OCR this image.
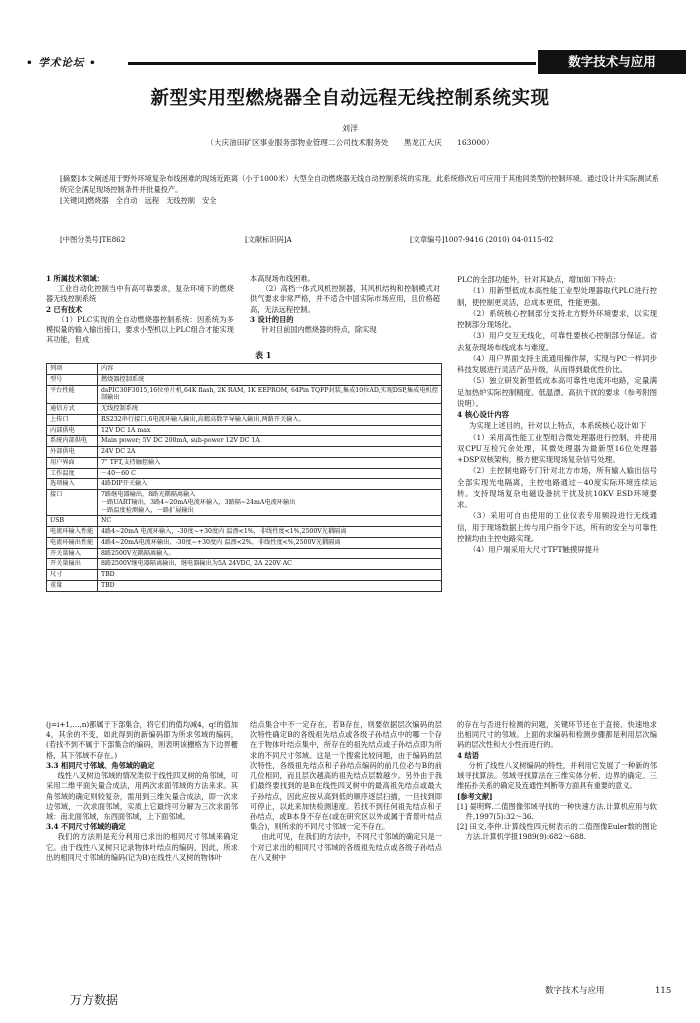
• 学术论坛 •	数字技术与应用
新型实用型燃烧器全自动远程无线控制系统实现
刘洋
（大庆油田矿区事业服务部物业管理二公司技术服务处　　黑龙江大庆　　163000）
[摘要]本文阐述用于野外环境复杂布线困难的现场近距离（小于1000米）大型全自动燃烧器无线自动控制系统的实现。此系统修改后可应用于其他同类型的控制环境。通过设计并实际测试系统完全满足现场控制条件并批量投产。
[关键词]燃烧器　全自动　远程　无线控制　安全
[中图分类号]TE862	[文献标识码]A	[文章编号]1007-9416 (2010) 04-0115-02

1 所属技术领域：

工业自动化控制当中有高可靠要求，复杂环境下的燃烧器无线控制系统

2 已有技术

（1）PLC实现的全自动燃烧器控制系统：因系统为多模拟量的输入输出接口，要求小型机以上PLC组合才能实现其功能，但成

本高现场布线困难。

（2）高档一体式风机控制器，其风机结构和控制模式对供气要求非常严格，并不适合中国实际市场应用，且价格超高，无法远程控制。

3 设计的目的

针对目前国内燃烧器的特点，除实现

PLC的全部功能外，针对其缺点，增加如下特点：

（1）用新型低成本高性能工业型处理器取代PLC进行控制，使控制更灵活，总成本更低，性能更强。

（2）系统核心控制部分支持北方野外环境要求，以实现控制部分现场化。

（3）用户交互无线化，可靠性要核心控制部分保证。省去复杂现场布线成本与难度。

（4）用户界面支持主流通用操作屏，实现与PC一样同步科技发展进行灵活产品升级，从而得到最优性价比。

（5）独立研发新型低成本高可靠性电流环电路，定量满足加热炉实际控制精度、低温漂、高抗干扰的要求（参考附图说明）。

4 核心设计内容

为实现上述目的，针对以上特点，本系统核心设计如下

（1）采用高性能工业型组合微处理器进行控制，并使用双CPU互检冗余处理，其微处理器为最新型16位处理器+DSP双核架构，极方便实现现场复杂信号处理。

（2）主控制电路专门针对北方市场，所有输入输出信号全部实现光电隔离，主控电路通过－40度实际环境连续运转。支持现场复杂电磁设备抗干扰及抗10KV ESD环境要求。

（3）采用可自由使用的工业仪表专用频段进行无线通信，用于现场数据上传与用户指令下达，所有的安全与可靠性控制均由主控电路实现。

（4）用户端采用大尺寸TFT触摸屏提升

表 1
列项	内容
型号	燃烧器控制系统
平台性能	dsPIC30F3015,16位单片机,64K flash, 2K RAM, 1K EEPROM, 64Pin TQFP封装,集成10位AD,实现DSP,集成电机控制输出
通信方式	无线控制系统
上传口	RS232串行接口,6电流环输入输出,高精高数字导输入输出,两路开关输入。
内部供电	12V DC 1A max
系统内部供电	Main power; 5V DC 200mA, sub-power 12V DC 1A
外部供电	24V DC 2A
用户界面	7" TFT,支持触控输入
工作温度	－40～60 C
选项输入	4路DIP开关输入
接口	7路继电器输出，8路光耦隔离输入
一路UART输出，3路4~20mA电流环输入，3路隔~24mA电流环输出
一路温度检测输入，一路扩展输出
USB	NC
电流环输入性能	4路4~20mA 电流环输入，-30度~+30度内 温漂<1%，非线性度<1%,2500V光耦隔离
电流环输出性能	4路4~20mA电流环输出，-30度~+30度内 温漂<2%，非线性度<%,2500V光耦隔离
开关量输入	8路2500V光耦隔离输入。
开关量输出	8路2500V继电器隔离输出，继电器输出为5A 24VDC, 2A 220V AC
尺寸	TBD
重量	TBD

(j=i+1,…,n)都属于下部集合，将它们的值均减4，q!的值加4，其余的不变，如此得到的新编码即为所求邻域的编码，(若找不到不属于下部集合的编码，则表明该栅格为下边界栅格，其下邻域不存在。)

3.3 相同尺寸邻域、角邻域的确定

线性八叉树边邻域的情况类似于线性四叉树的角邻域，可采用二维平面矢量合成法，用两次求面邻域的方法来求。其角邻域的确定则较复杂，需用到三维矢量合成法，即一次求边邻域，一次求面邻域，实质上它最终可分解为三次求面邻域：南北面邻域，东西面邻域，上下面邻域。

3.4 不同尺寸邻域的确定

我们的方法则是充分利用已求出的相同尺寸邻域来确定它。由于线性八叉树只记录物体叶结点的编码，因此，所求出的相同尺寸邻域的编码(记为B)在线性八叉树的物体叶

结点集合中不一定存在。若B存在，则要依据层次编码的层次特性确定B的各级祖先结点或各级子孙结点中的哪一个存在于物体叶结点集中，所存在的祖先结点或子孙结点即为所求的不同尺寸邻域。这是一个搜索比较问题，由于编码的层次特性，各级祖先结点和子孙结点编码的前几位必与B的前几位相同，而且层次越高的祖先结点层数越少。另外由于我们最终要找到的是B在线性四叉树中的最高祖先结点或最大子孙结点，因此应按从高到低的顺序逐层扫描，一旦找到即可停止，以此来加快检测速度。若找不到任何祖先结点和子孙结点，或B本身不存在(或在研究区以外或属于背景叶结点集合)，则所求的不同尺寸邻域一定不存在。

由此可见，在我们的方法中，不同尺寸邻域的确定只是一个对已求出的相同尺寸邻域的各级祖先结点或各级子孙结点在八叉树中

的存在与否进行检测的问题，关键环节还在于直接、快速地求出相同尺寸的邻域。上面的求编码和检测步骤都是利用层次编码的层次性和大小性而进行的。

4 结语

分析了线性八叉树编码的特性，并利用它发展了一种新的邻域寻找算法。邻域寻找算法在三维实体分析、边界的确定、三维拓扑关系的确定及连通性判断等方面具有重要的意义。

[参考文献]

[1] 晏明辉.二值图像邻域寻找的一种快速方法.计算机应用与软件,1997(5):32～36.

[2] 田文,李仲.计算线性四元树表示的二值图像Euler数的图论方法.计算机学报1989(9):682～688.

万方数据
数字技术与应用	115
